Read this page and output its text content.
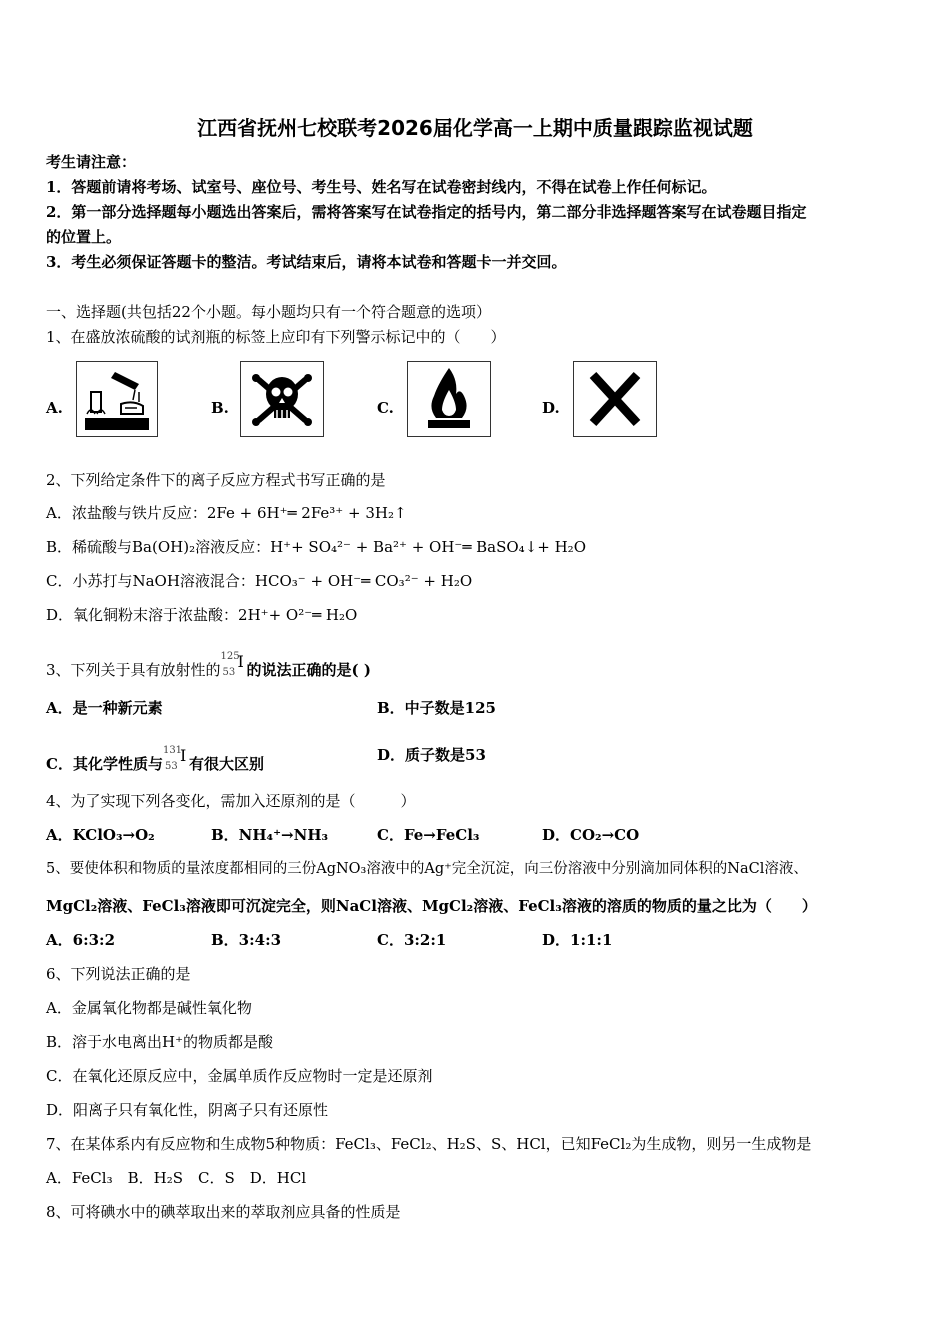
江西省抚州七校联考2026届化学高一上期中质量跟踪监视试题
考生请注意：
1．答题前请将考场、试室号、座位号、考生号、姓名写在试卷密封线内，不得在试卷上作任何标记。
2．第一部分选择题每小题选出答案后，需将答案写在试卷指定的括号内，第二部分非选择题答案写在试卷题目指定
的位置上。
3．考生必须保证答题卡的整洁。考试结束后，请将本试卷和答题卡一并交回。
一、选择题(共包括22个小题。每小题均只有一个符合题意的选项）
1、在盛放浓硫酸的试剂瓶的标签上应印有下列警示标记中的（　　）
A.	B.	C.	D.
2、下列给定条件下的离子反应方程式书写正确的是
A．浓盐酸与铁片反应：2Fe + 6H⁺═ 2Fe³⁺ + 3H₂↑
B．稀硫酸与Ba(OH)₂溶液反应：H⁺+ SO₄²⁻ + Ba²⁺ + OH⁻═ BaSO₄↓+ H₂O
C．小苏打与NaOH溶液混合：HCO₃⁻ + OH⁻═ CO₃²⁻ + H₂O
D．氧化铜粉末溶于浓盐酸：2H⁺+ O²⁻═ H₂O
3、下列关于具有放射性的
125
53
I 的说法正确的是( )
A．是一种新元素	B．中子数是125
C．其化学性质与
131
53
I 有很大区别	D．质子数是53
4、为了实现下列各变化，需加入还原剂的是（　　　）
A．KClO₃→O₂	B．NH₄⁺→NH₃	C．Fe→FeCl₃	D．CO₂→CO
5、要使体积和物质的量浓度都相同的三份AgNO₃溶液中的Ag⁺完全沉淀，向三份溶液中分别滴加同体积的NaCl溶液、
MgCl₂溶液、FeCl₃溶液即可沉淀完全，则NaCl溶液、MgCl₂溶液、FeCl₃溶液的溶质的物质的量之比为（　　）
A．6:3:2	B．3:4:3	C．3:2:1	D．1:1:1
6、下列说法正确的是
A．金属氧化物都是碱性氧化物
B．溶于水电离出H⁺的物质都是酸
C．在氧化还原反应中，金属单质作反应物时一定是还原剂
D．阳离子只有氧化性，阴离子只有还原性
7、在某体系内有反应物和生成物5种物质：FeCl₃、FeCl₂、H₂S、S、HCl，已知FeCl₂为生成物，则另一生成物是
A．FeCl₃　B．H₂S　C．S　D．HCl
8、可将碘水中的碘萃取出来的萃取剂应具备的性质是
